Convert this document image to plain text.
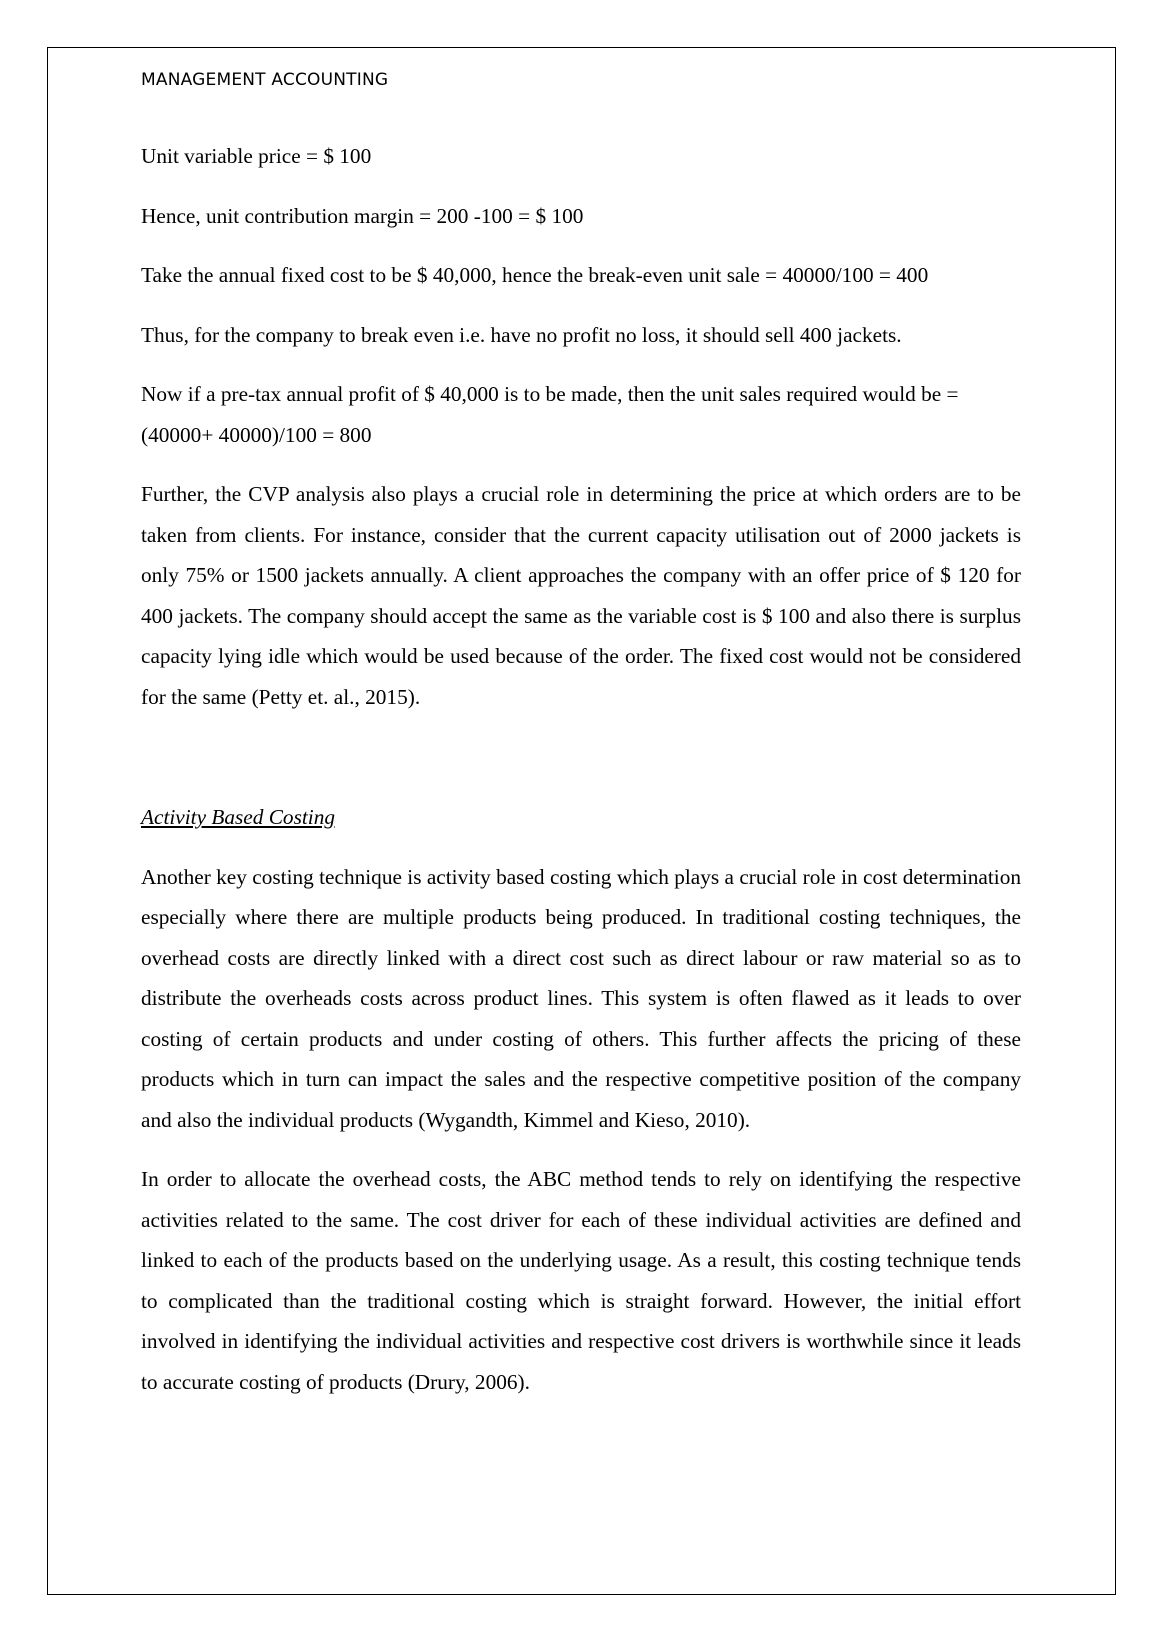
MANAGEMENT ACCOUNTING

Unit variable price = $ 100

Hence, unit contribution margin = 200 -100 = $ 100

Take the annual fixed cost to be $ 40,000, hence the break-even unit sale = 40000/100 = 400

Thus, for the company to break even i.e. have no profit no loss, it should sell 400 jackets.

Now if a pre-tax annual profit of $ 40,000 is to be made, then the unit sales required would be = (40000+ 40000)/100 = 800

Further, the CVP analysis also plays a crucial role in determining the price at which orders are to be taken from clients. For instance, consider that the current capacity utilisation out of 2000 jackets is only 75% or 1500 jackets annually. A client approaches the company with an offer price of $ 120 for 400 jackets. The company should accept the same as the variable cost is $ 100 and also there is surplus capacity lying idle which would be used because of the order. The fixed cost would not be considered for the same (Petty et. al., 2015).

Activity Based Costing

Another key costing technique is activity based costing which plays a crucial role in cost determination especially where there are multiple products being produced. In traditional costing techniques, the overhead costs are directly linked with a direct cost such as direct labour or raw material so as to distribute the overheads costs across product lines. This system is often flawed as it leads to over costing of certain products and under costing of others. This further affects the pricing of these products which in turn can impact the sales and the respective competitive position of the company and also the individual products (Wygandth, Kimmel and Kieso, 2010).

In order to allocate the overhead costs, the ABC method tends to rely on identifying the respective activities related to the same. The cost driver for each of these individual activities are defined and linked to each of the products based on the underlying usage. As a result, this costing technique tends to complicated than the traditional costing which is straight forward. However, the initial effort involved in identifying the individual activities and respective cost drivers is worthwhile since it leads to accurate costing of products (Drury, 2006).
